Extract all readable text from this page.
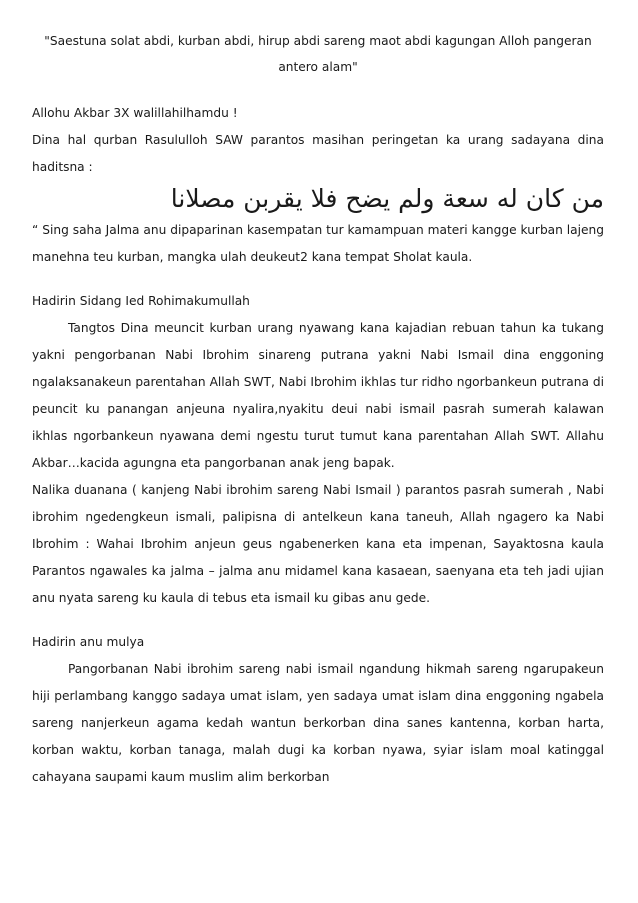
"Saestuna solat abdi, kurban abdi, hirup abdi sareng maot abdi kagungan Alloh pangeran antero alam"

Allohu Akbar 3X walillahilhamdu !

Dina hal qurban Rasululloh SAW parantos masihan peringetan ka urang sadayana dina haditsna :

من كان له سعة ولم يضح فلا يقربن مصلانا

“ Sing saha Jalma anu dipaparinan kasempatan tur kamampuan materi kangge kurban lajeng manehna teu kurban, mangka ulah deukeut2 kana tempat Sholat kaula.

Hadirin Sidang Ied Rohimakumullah

Tangtos Dina meuncit kurban urang nyawang kana kajadian rebuan tahun ka tukang yakni pengorbanan Nabi Ibrohim sinareng putrana yakni Nabi Ismail dina enggoning ngalaksanakeun parentahan Allah SWT, Nabi Ibrohim ikhlas tur ridho ngorbankeun putrana di peuncit ku panangan anjeuna nyalira,nyakitu deui nabi ismail pasrah sumerah kalawan ikhlas ngorbankeun nyawana demi ngestu turut tumut kana parentahan Allah SWT. Allahu Akbar…kacida agungna eta pangorbanan anak jeng bapak.

Nalika duanana ( kanjeng Nabi ibrohim sareng Nabi Ismail ) parantos pasrah sumerah , Nabi ibrohim ngedengkeun ismali, palipisna di antelkeun kana taneuh, Allah ngagero ka Nabi Ibrohim : Wahai Ibrohim anjeun geus ngabenerken kana eta impenan, Sayaktosna kaula Parantos ngawales ka jalma – jalma anu midamel kana kasaean, saenyana eta teh jadi ujian anu nyata sareng ku kaula di tebus eta ismail ku gibas anu gede.

Hadirin anu mulya

Pangorbanan Nabi ibrohim sareng nabi ismail ngandung hikmah sareng ngarupakeun hiji perlambang kanggo sadaya umat islam, yen sadaya umat islam dina enggoning ngabela sareng nanjerkeun agama kedah wantun berkorban dina sanes kantenna, korban harta, korban waktu, korban tanaga, malah dugi ka korban nyawa, syiar islam moal katinggal cahayana saupami kaum muslim alim berkorban
